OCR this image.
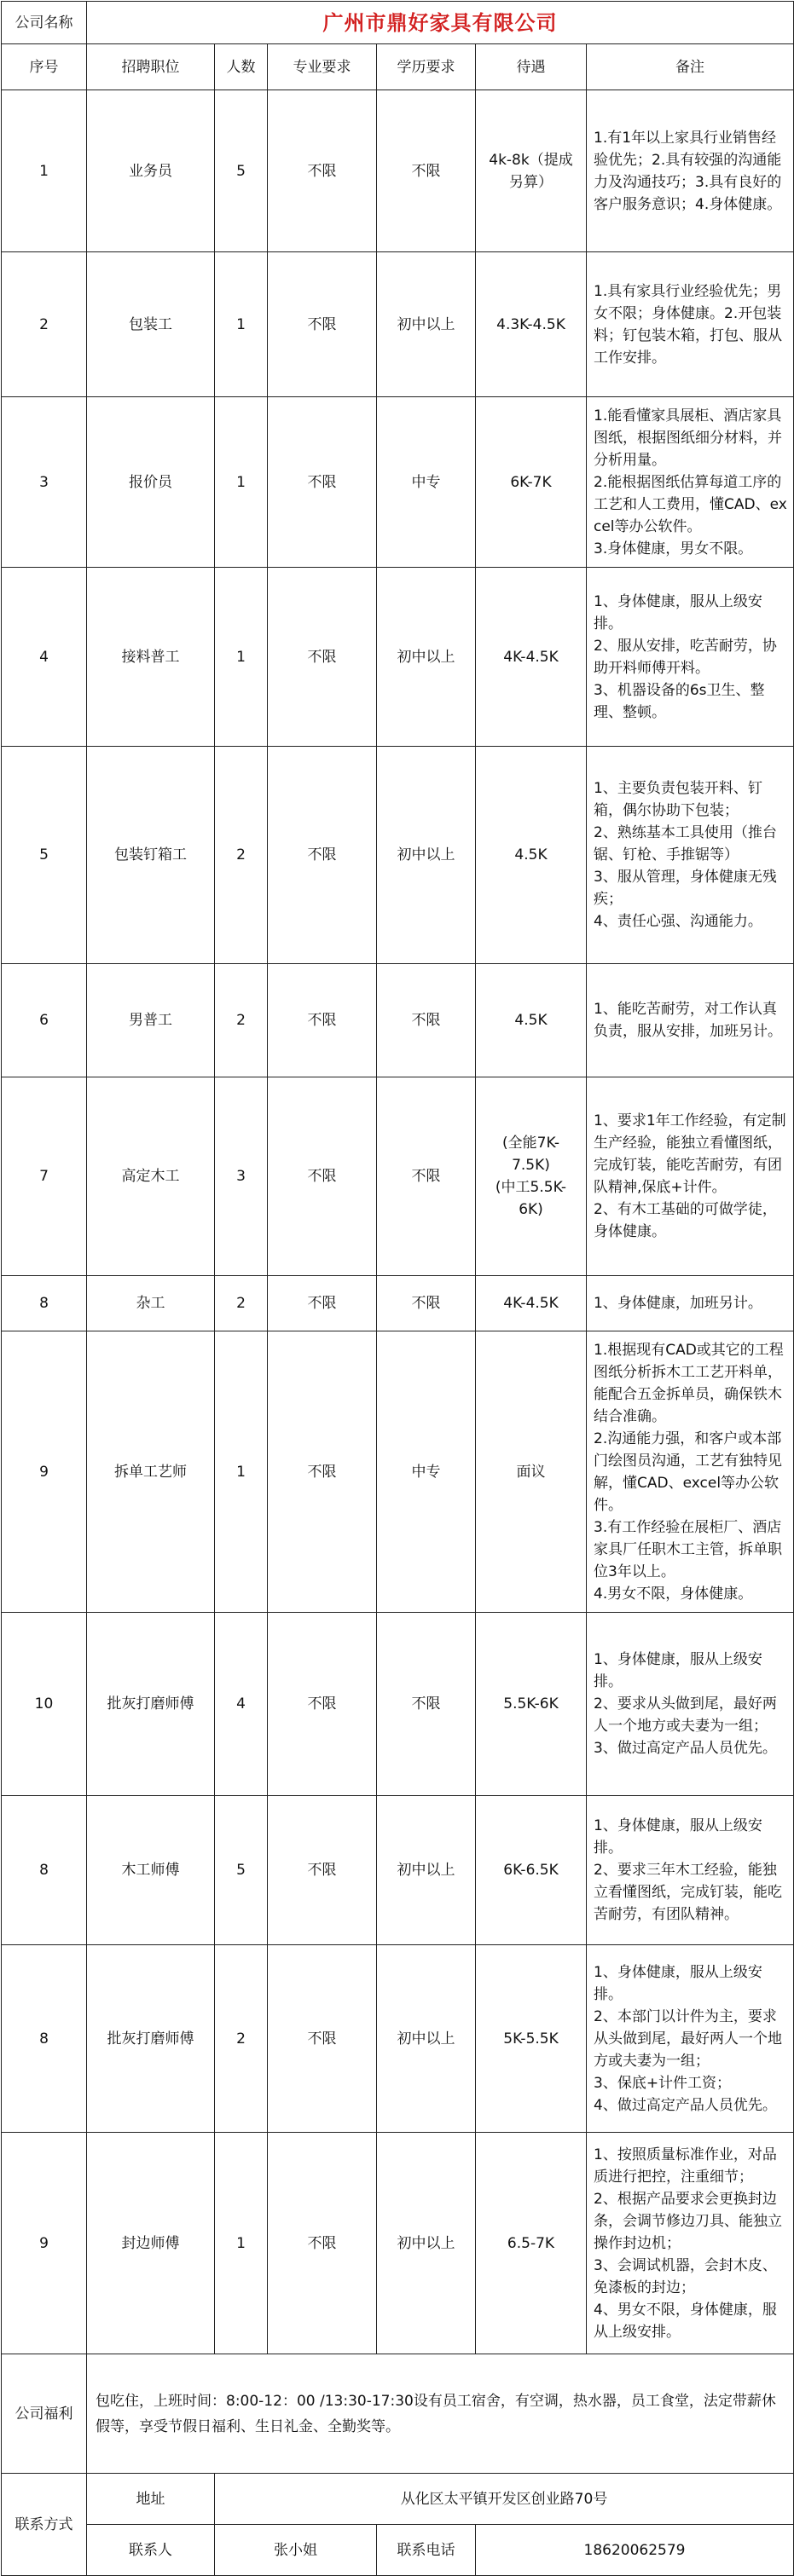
公司名称	广州市鼎好家具有限公司					
序号	招聘职位	人数	专业要求	学历要求	待遇	备注

1	业务员	5	不限	不限	4k-8k（提成
另算）	1.有1年以上家具行业销售经验优先；2.具有较强的沟通能力及沟通技巧；3.具有良好的客户服务意识；4.身体健康。

2	包装工	1	不限	初中以上	4.3K-4.5K	1.具有家具行业经验优先；男女不限；身体健康。2.开包装料；钉包装木箱，打包、服从工作安排。

3	报价员	1	不限	中专	6K-7K	1.能看懂家具展柜、酒店家具图纸，根据图纸细分材料，并分析用量。
2.能根据图纸估算每道工序的工艺和人工费用，懂CAD、excel等办公软件。
3.身体健康，男女不限。

4	接料普工	1	不限	初中以上	4K-4.5K	1、身体健康，服从上级安排。
2、服从安排，吃苦耐劳，协助开料师傅开料。
3、机器设备的6s卫生、整理、整顿。

5	包装钉箱工	2	不限	初中以上	4.5K	1、主要负责包装开料、钉箱，偶尔协助下包装；
2、熟练基本工具使用（推台锯、钉枪、手推锯等）
3、服从管理，身体健康无残疾；
4、责任心强、沟通能力。

6	男普工	2	不限	不限	4.5K	1、能吃苦耐劳，对工作认真负责，服从安排，加班另计。

7	高定木工	3	不限	不限	(全能7K-
7.5K)
(中工5.5K-
6K)	1、要求1年工作经验，有定制生产经验，能独立看懂图纸，完成钉装，能吃苦耐劳，有团队精神,保底+计件。
2、有木工基础的可做学徒，身体健康。

8	杂工	2	不限	不限	4K-4.5K	1、身体健康，加班另计。

9	拆单工艺师	1	不限	中专	面议	1.根据现有CAD或其它的工程图纸分析拆木工工艺开料单，能配合五金拆单员，确保铁木结合准确。
2.沟通能力强，和客户或本部门绘图员沟通，工艺有独特见解，懂CAD、excel等办公软件。
3.有工作经验在展柜厂、酒店家具厂任职木工主管，拆单职位3年以上。
4.男女不限，身体健康。

10	批灰打磨师傅	4	不限	不限	5.5K-6K	1、身体健康，服从上级安排。
2、要求从头做到尾，最好两人一个地方或夫妻为一组；
3、做过高定产品人员优先。

8	木工师傅	5	不限	初中以上	6K-6.5K	1、身体健康，服从上级安排。
2、要求三年木工经验，能独立看懂图纸，完成钉装，能吃苦耐劳，有团队精神。

8	批灰打磨师傅	2	不限	初中以上	5K-5.5K	1、身体健康，服从上级安排。
2、本部门以计件为主，要求从头做到尾，最好两人一个地方或夫妻为一组；
3、保底+计件工资；
4、做过高定产品人员优先。

9	封边师傅	1	不限	初中以上	6.5-7K	1、按照质量标准作业，对品质进行把控，注重细节；
2、根据产品要求会更换封边条，会调节修边刀具、能独立操作封边机；
3、会调试机器，会封木皮、免漆板的封边；
4、男女不限，身体健康，服从上级安排。

公司福利	包吃住，上班时间：8:00-12：00 /13:30-17:30设有员工宿舍，有空调，热水器，员工食堂，法定带薪休假等，享受节假日福利、生日礼金、全勤奖等。					
联系方式	地址	从化区太平镇开发区创业路70号				
	联系人	张小姐		联系电话	18620062579	
